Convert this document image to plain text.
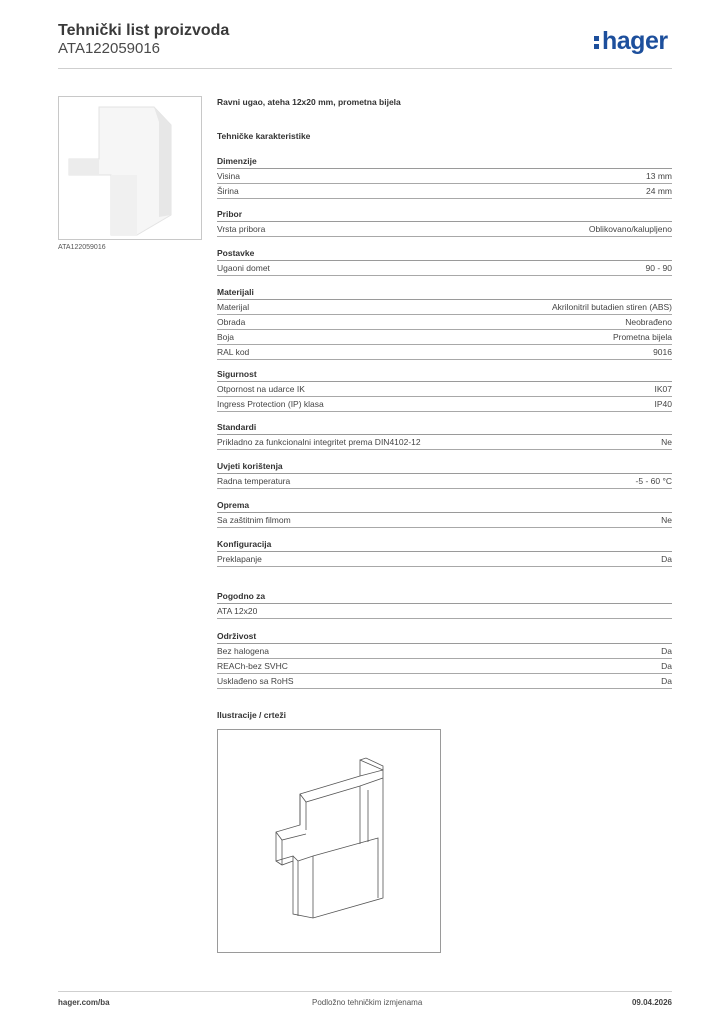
Tehnički list proizvoda
ATA122059016	hager
ATA122059016
Ravni ugao, ateha 12x20 mm, prometna bijela
Tehničke karakteristike
Dimenzije
Visina	13 mm
Širina	24 mm
Pribor
Vrsta pribora	Oblikovano/kalupljeno
Postavke
Ugaoni domet	90 - 90
Materijali
Materijal	Akrilonitril butadien stiren (ABS)
Obrada	Neobrađeno
Boja	Prometna bijela
RAL kod	9016
Sigurnost
Otpornost na udarce IK	IK07
Ingress Protection (IP) klasa	IP40
Standardi
Prikladno za funkcionalni integritet prema DIN4102-12	Ne
Uvjeti korištenja
Radna temperatura	-5 - 60 °C
Oprema
Sa zaštitnim filmom	Ne
Konfiguracija
Preklapanje	Da
Pogodno za
ATA 12x20
Održivost
Bez halogena	Da
REACh-bez SVHC	Da
Usklađeno sa RoHS	Da
Ilustracije / crteži
hager.com/ba	Podložno tehničkim izmjenama	09.04.2026
